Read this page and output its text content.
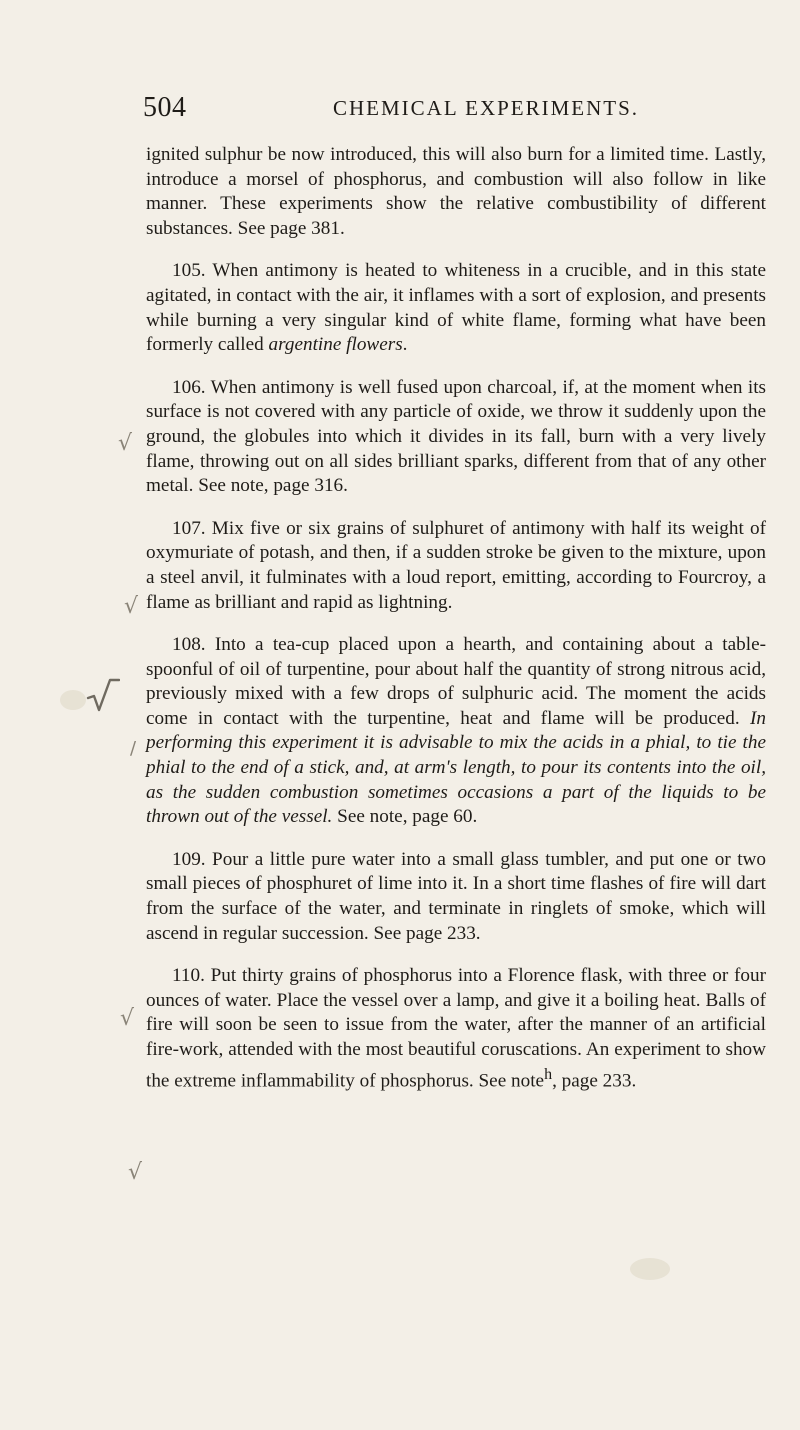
504	CHEMICAL EXPERIMENTS.

ignited sulphur be now introduced, this will also burn for a limited time. Lastly, introduce a morsel of phosphorus, and combustion will also follow in like manner. These experiments show the relative combustibility of different substances. See page 381.

105. When antimony is heated to whiteness in a crucible, and in this state agitated, in contact with the air, it inflames with a sort of explosion, and presents while burning a very singular kind of white flame, forming what have been formerly called argentine flowers.

106. When antimony is well fused upon charcoal, if, at the moment when its surface is not covered with any particle of oxide, we throw it suddenly upon the ground, the globules into which it divides in its fall, burn with a very lively flame, throwing out on all sides brilliant sparks, different from that of any other metal. See note, page 316.

107. Mix five or six grains of sulphuret of antimony with half its weight of oxymuriate of potash, and then, if a sudden stroke be given to the mixture, upon a steel anvil, it fulminates with a loud report, emitting, according to Fourcroy, a flame as brilliant and rapid as lightning.

108. Into a tea-cup placed upon a hearth, and containing about a table-spoonful of oil of turpentine, pour about half the quantity of strong nitrous acid, previously mixed with a few drops of sulphuric acid. The moment the acids come in contact with the turpentine, heat and flame will be produced. In performing this experiment it is advisable to mix the acids in a phial, to tie the phial to the end of a stick, and, at arm's length, to pour its contents into the oil, as the sudden combustion sometimes occasions a part of the liquids to be thrown out of the vessel. See note, page 60.

109. Pour a little pure water into a small glass tumbler, and put one or two small pieces of phosphuret of lime into it. In a short time flashes of fire will dart from the surface of the water, and terminate in ringlets of smoke, which will ascend in regular succession. See page 233.

110. Put thirty grains of phosphorus into a Florence flask, with three or four ounces of water. Place the vessel over a lamp, and give it a boiling heat. Balls of fire will soon be seen to issue from the water, after the manner of an artificial fire-work, attended with the most beautiful coruscations. An experiment to show the extreme inflammability of phosphorus. See note$^h$, page 233.

√
√
√
√
/
